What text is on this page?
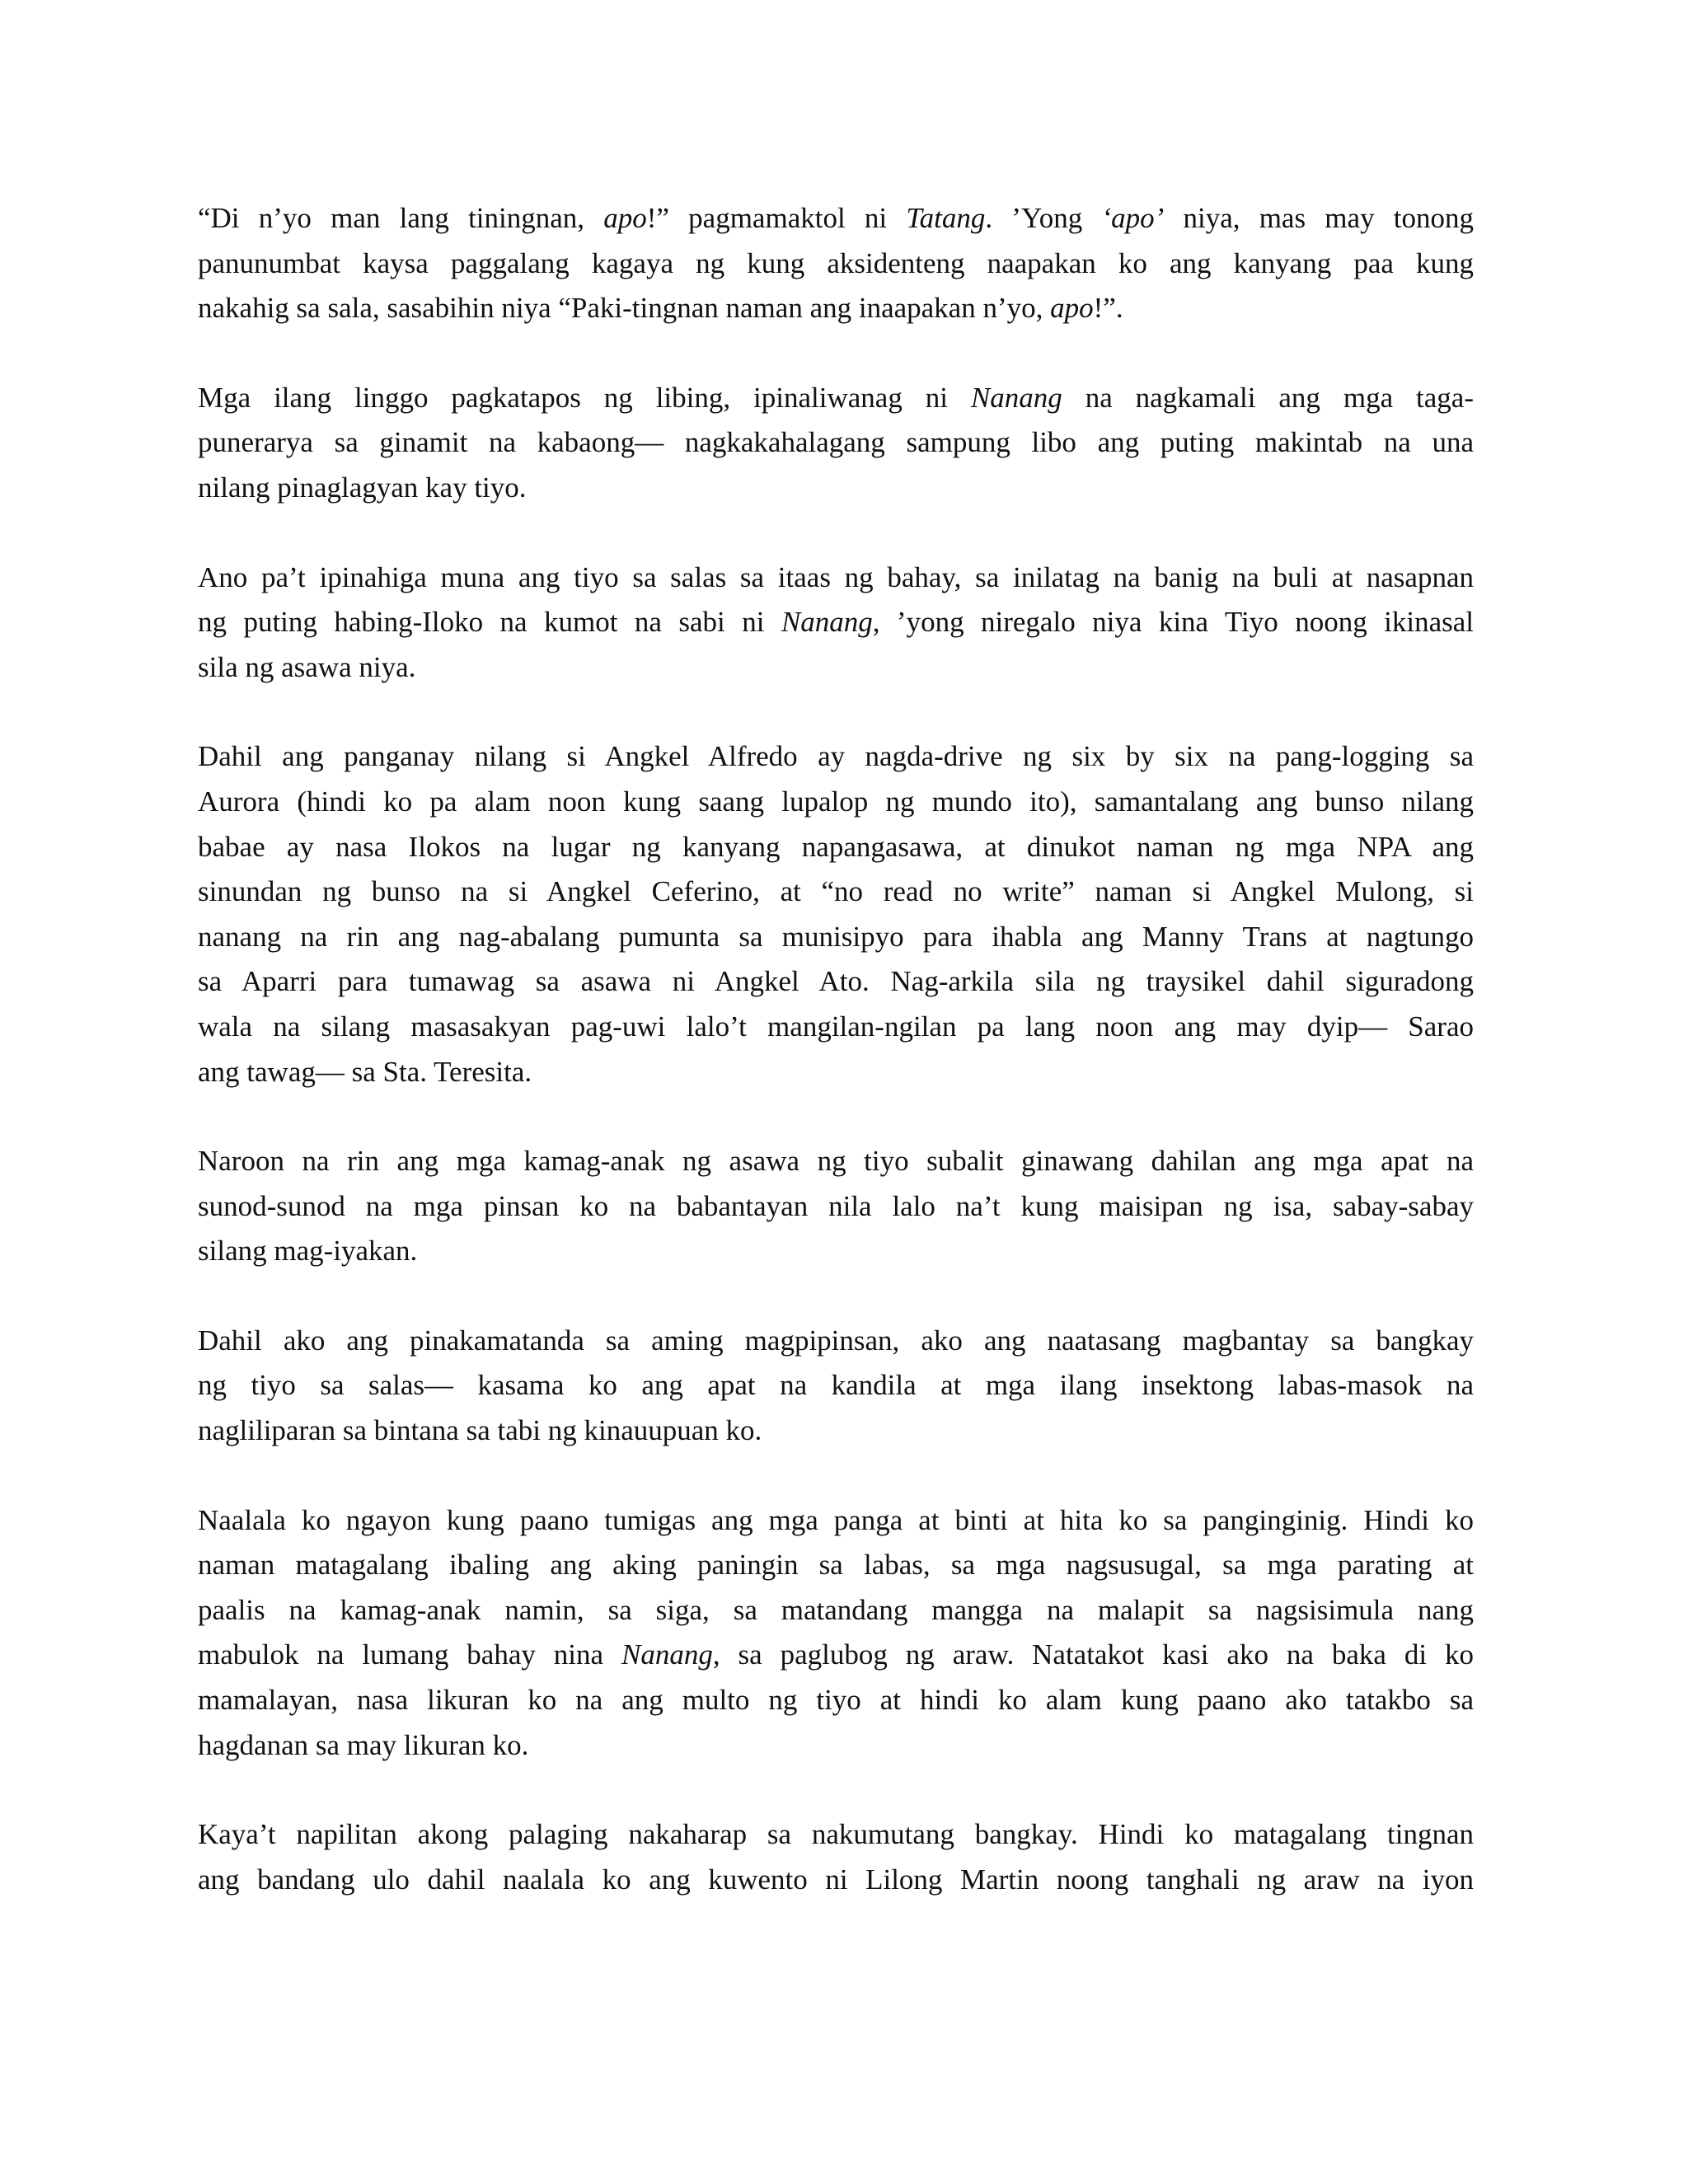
“Di n’yo man lang tiningnan, apo!” pagmamaktol ni Tatang. ’Yong ‘apo’ niya, mas may tonong
panunumbat kaysa paggalang kagaya ng kung aksidenteng naapakan ko ang kanyang paa kung
nakahig sa sala, sasabihin niya “Paki-tingnan naman ang inaapakan n’yo, apo!”.

Mga ilang linggo pagkatapos ng libing, ipinaliwanag ni Nanang na nagkamali ang mga taga-
punerarya sa ginamit na kabaong— nagkakahalagang sampung libo ang puting makintab na una
nilang pinaglagyan kay tiyo.

Ano pa’t ipinahiga muna ang tiyo sa salas sa itaas ng bahay, sa inilatag na banig na buli at nasapnan
ng puting habing-Iloko na kumot na sabi ni Nanang, ’yong niregalo niya kina Tiyo noong ikinasal
sila ng asawa niya.

Dahil ang panganay nilang si Angkel Alfredo ay nagda-drive ng six by six na pang-logging sa
Aurora (hindi ko pa alam noon kung saang lupalop ng mundo ito), samantalang ang bunso nilang
babae ay nasa Ilokos na lugar ng kanyang napangasawa, at dinukot naman ng mga NPA ang
sinundan ng bunso na si Angkel Ceferino, at “no read no write” naman si Angkel Mulong, si
nanang na rin ang nag-abalang pumunta sa munisipyo para ihabla ang Manny Trans at nagtungo
sa Aparri para tumawag sa asawa ni Angkel Ato. Nag-arkila sila ng traysikel dahil siguradong
wala na silang masasakyan pag-uwi lalo’t mangilan-ngilan pa lang noon ang may dyip— Sarao
ang tawag— sa Sta. Teresita.

Naroon na rin ang mga kamag-anak ng asawa ng tiyo subalit ginawang dahilan ang mga apat na
sunod-sunod na mga pinsan ko na babantayan nila lalo na’t kung maisipan ng isa, sabay-sabay
silang mag-iyakan.

Dahil ako ang pinakamatanda sa aming magpipinsan, ako ang naatasang magbantay sa bangkay
ng tiyo sa salas— kasama ko ang apat na kandila at mga ilang insektong labas-masok na
nagliliparan sa bintana sa tabi ng kinauupuan ko.

Naalala ko ngayon kung paano tumigas ang mga panga at binti at hita ko sa panginginig. Hindi ko
naman matagalang ibaling ang aking paningin sa labas, sa mga nagsusugal, sa mga parating at
paalis na kamag-anak namin, sa siga, sa matandang mangga na malapit sa nagsisimula nang
mabulok na lumang bahay nina Nanang, sa paglubog ng araw. Natatakot kasi ako na baka di ko
mamalayan, nasa likuran ko na ang multo ng tiyo at hindi ko alam kung paano ako tatakbo sa
hagdanan sa may likuran ko.

Kaya’t napilitan akong palaging nakaharap sa nakumutang bangkay. Hindi ko matagalang tingnan
ang bandang ulo dahil naalala ko ang kuwento ni Lilong Martin noong tanghali ng araw na iyon
